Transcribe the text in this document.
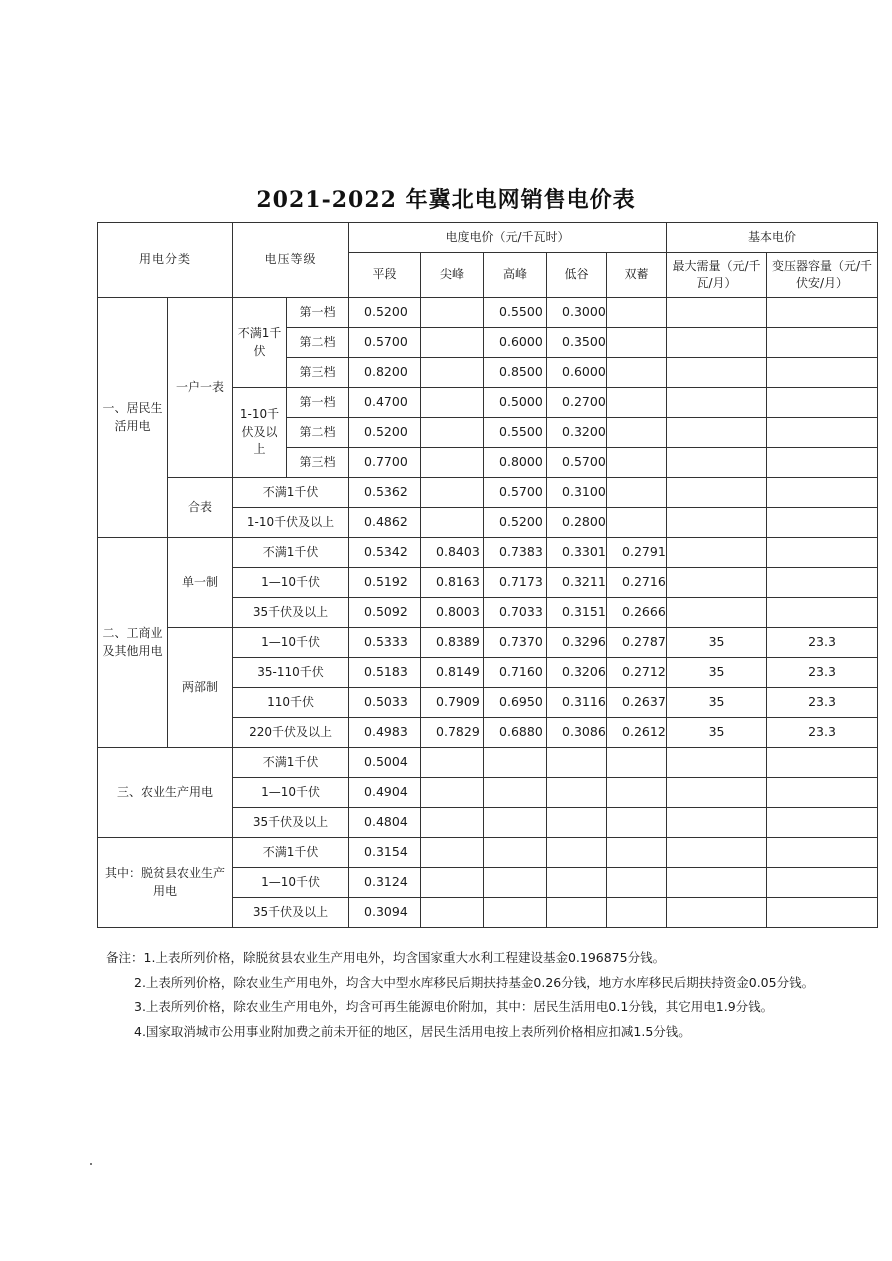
2021-2022 年冀北电网销售电价表
用电分类		电压等级		电度电价（元/千瓦时）					基本电价	
				平段	尖峰	高峰	低谷	双蓄	最大需量（元/千瓦/月）	变压器容量（元/千伏安/月）
一、居民生活用电	一户一表	不满1千伏	第一档	0.5200		0.5500	0.3000			
			第二档	0.5700		0.6000	0.3500			
			第三档	0.8200		0.8500	0.6000			
		1-10千伏及以上	第一档	0.4700		0.5000	0.2700			
			第二档	0.5200		0.5500	0.3200			
			第三档	0.7700		0.8000	0.5700			
	合表	不满1千伏		0.5362		0.5700	0.3100			
		1-10千伏及以上		0.4862		0.5200	0.2800			
二、工商业及其他用电	单一制	不满1千伏		0.5342	0.8403	0.7383	0.3301	0.2791		
		1—10千伏		0.5192	0.8163	0.7173	0.3211	0.2716		
		35千伏及以上		0.5092	0.8003	0.7033	0.3151	0.2666		
	两部制	1—10千伏		0.5333	0.8389	0.7370	0.3296	0.2787	35	23.3
		35-110千伏		0.5183	0.8149	0.7160	0.3206	0.2712	35	23.3
		110千伏		0.5033	0.7909	0.6950	0.3116	0.2637	35	23.3
		220千伏及以上		0.4983	0.7829	0.6880	0.3086	0.2612	35	23.3
三、农业生产用电		不满1千伏		0.5004						
		1—10千伏		0.4904						
		35千伏及以上		0.4804						
其中：脱贫县农业生产用电		不满1千伏		0.3154						
		1—10千伏		0.3124						
		35千伏及以上		0.3094						
备注：1.上表所列价格，除脱贫县农业生产用电外，均含国家重大水利工程建设基金0.196875分钱。
2.上表所列价格，除农业生产用电外，均含大中型水库移民后期扶持基金0.26分钱，地方水库移民后期扶持资金0.05分钱。
3.上表所列价格，除农业生产用电外，均含可再生能源电价附加，其中：居民生活用电0.1分钱，其它用电1.9分钱。
4.国家取消城市公用事业附加费之前未开征的地区，居民生活用电按上表所列价格相应扣减1.5分钱。
